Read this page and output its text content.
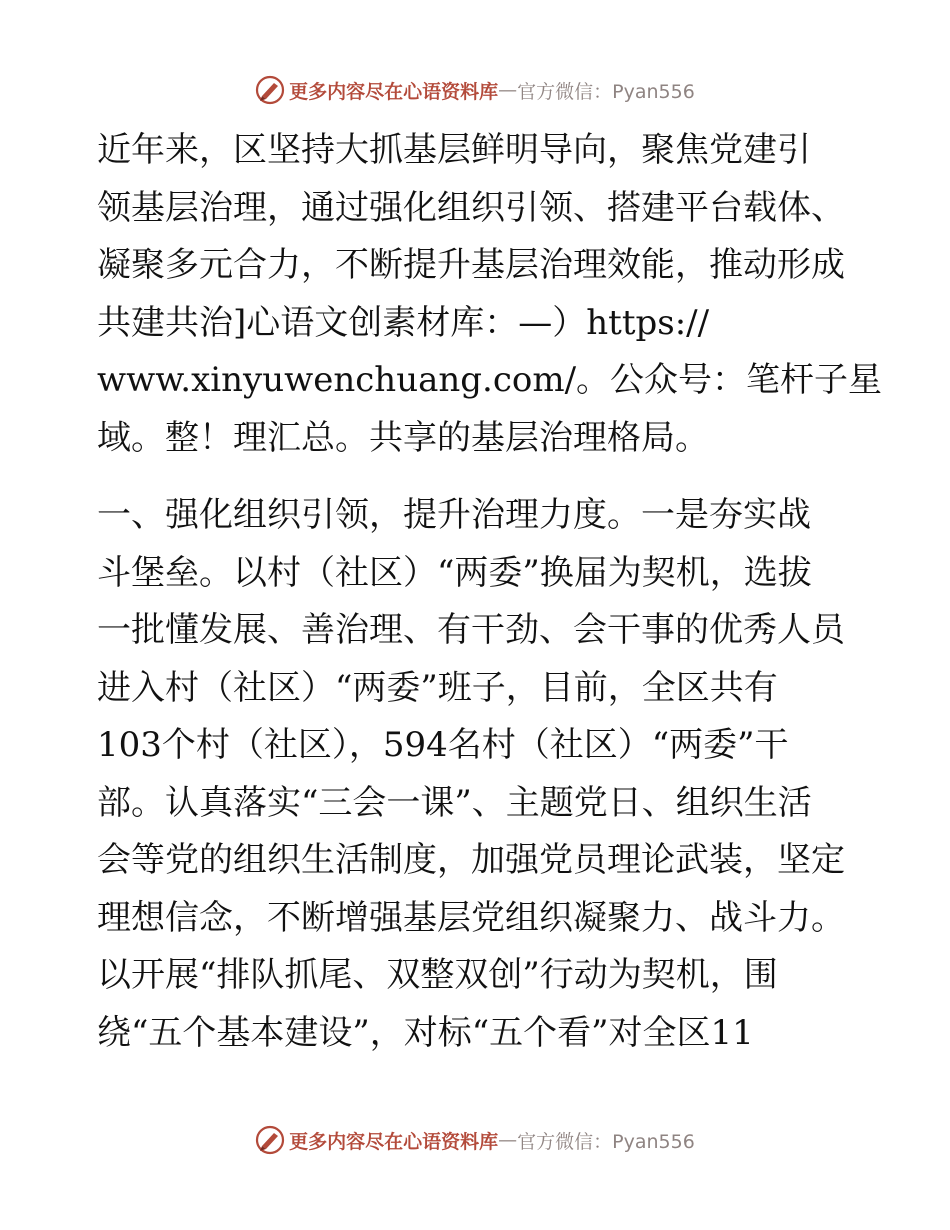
更多内容尽在心语资料库 — 官方微信：Pyan556
近年来，区坚持大抓基层鲜明导向，聚焦党建引
领基层治理，通过强化组织引领、搭建平台载体、
凝聚多元合力，不断提升基层治理效能，推动形成
共建共治]心语文创素材库：—）https://
www.xinyuwenchuang.com/。公众号：笔杆子星
域。整！理汇总。共享的基层治理格局。
一、强化组织引领，提升治理力度。一是夯实战
斗堡垒。以村（社区）“两委”换届为契机，选拔
一批懂发展、善治理、有干劲、会干事的优秀人员
进入村（社区）“两委”班子，目前，全区共有
103个村（社区），594名村（社区）“两委”干
部。认真落实“三会一课”、主题党日、组织生活
会等党的组织生活制度，加强党员理论武装，坚定
理想信念，不断增强基层党组织凝聚力、战斗力。
以开展“排队抓尾、双整双创”行动为契机，围
绕“五个基本建设”，对标“五个看”对全区11
更多内容尽在心语资料库 — 官方微信：Pyan556
